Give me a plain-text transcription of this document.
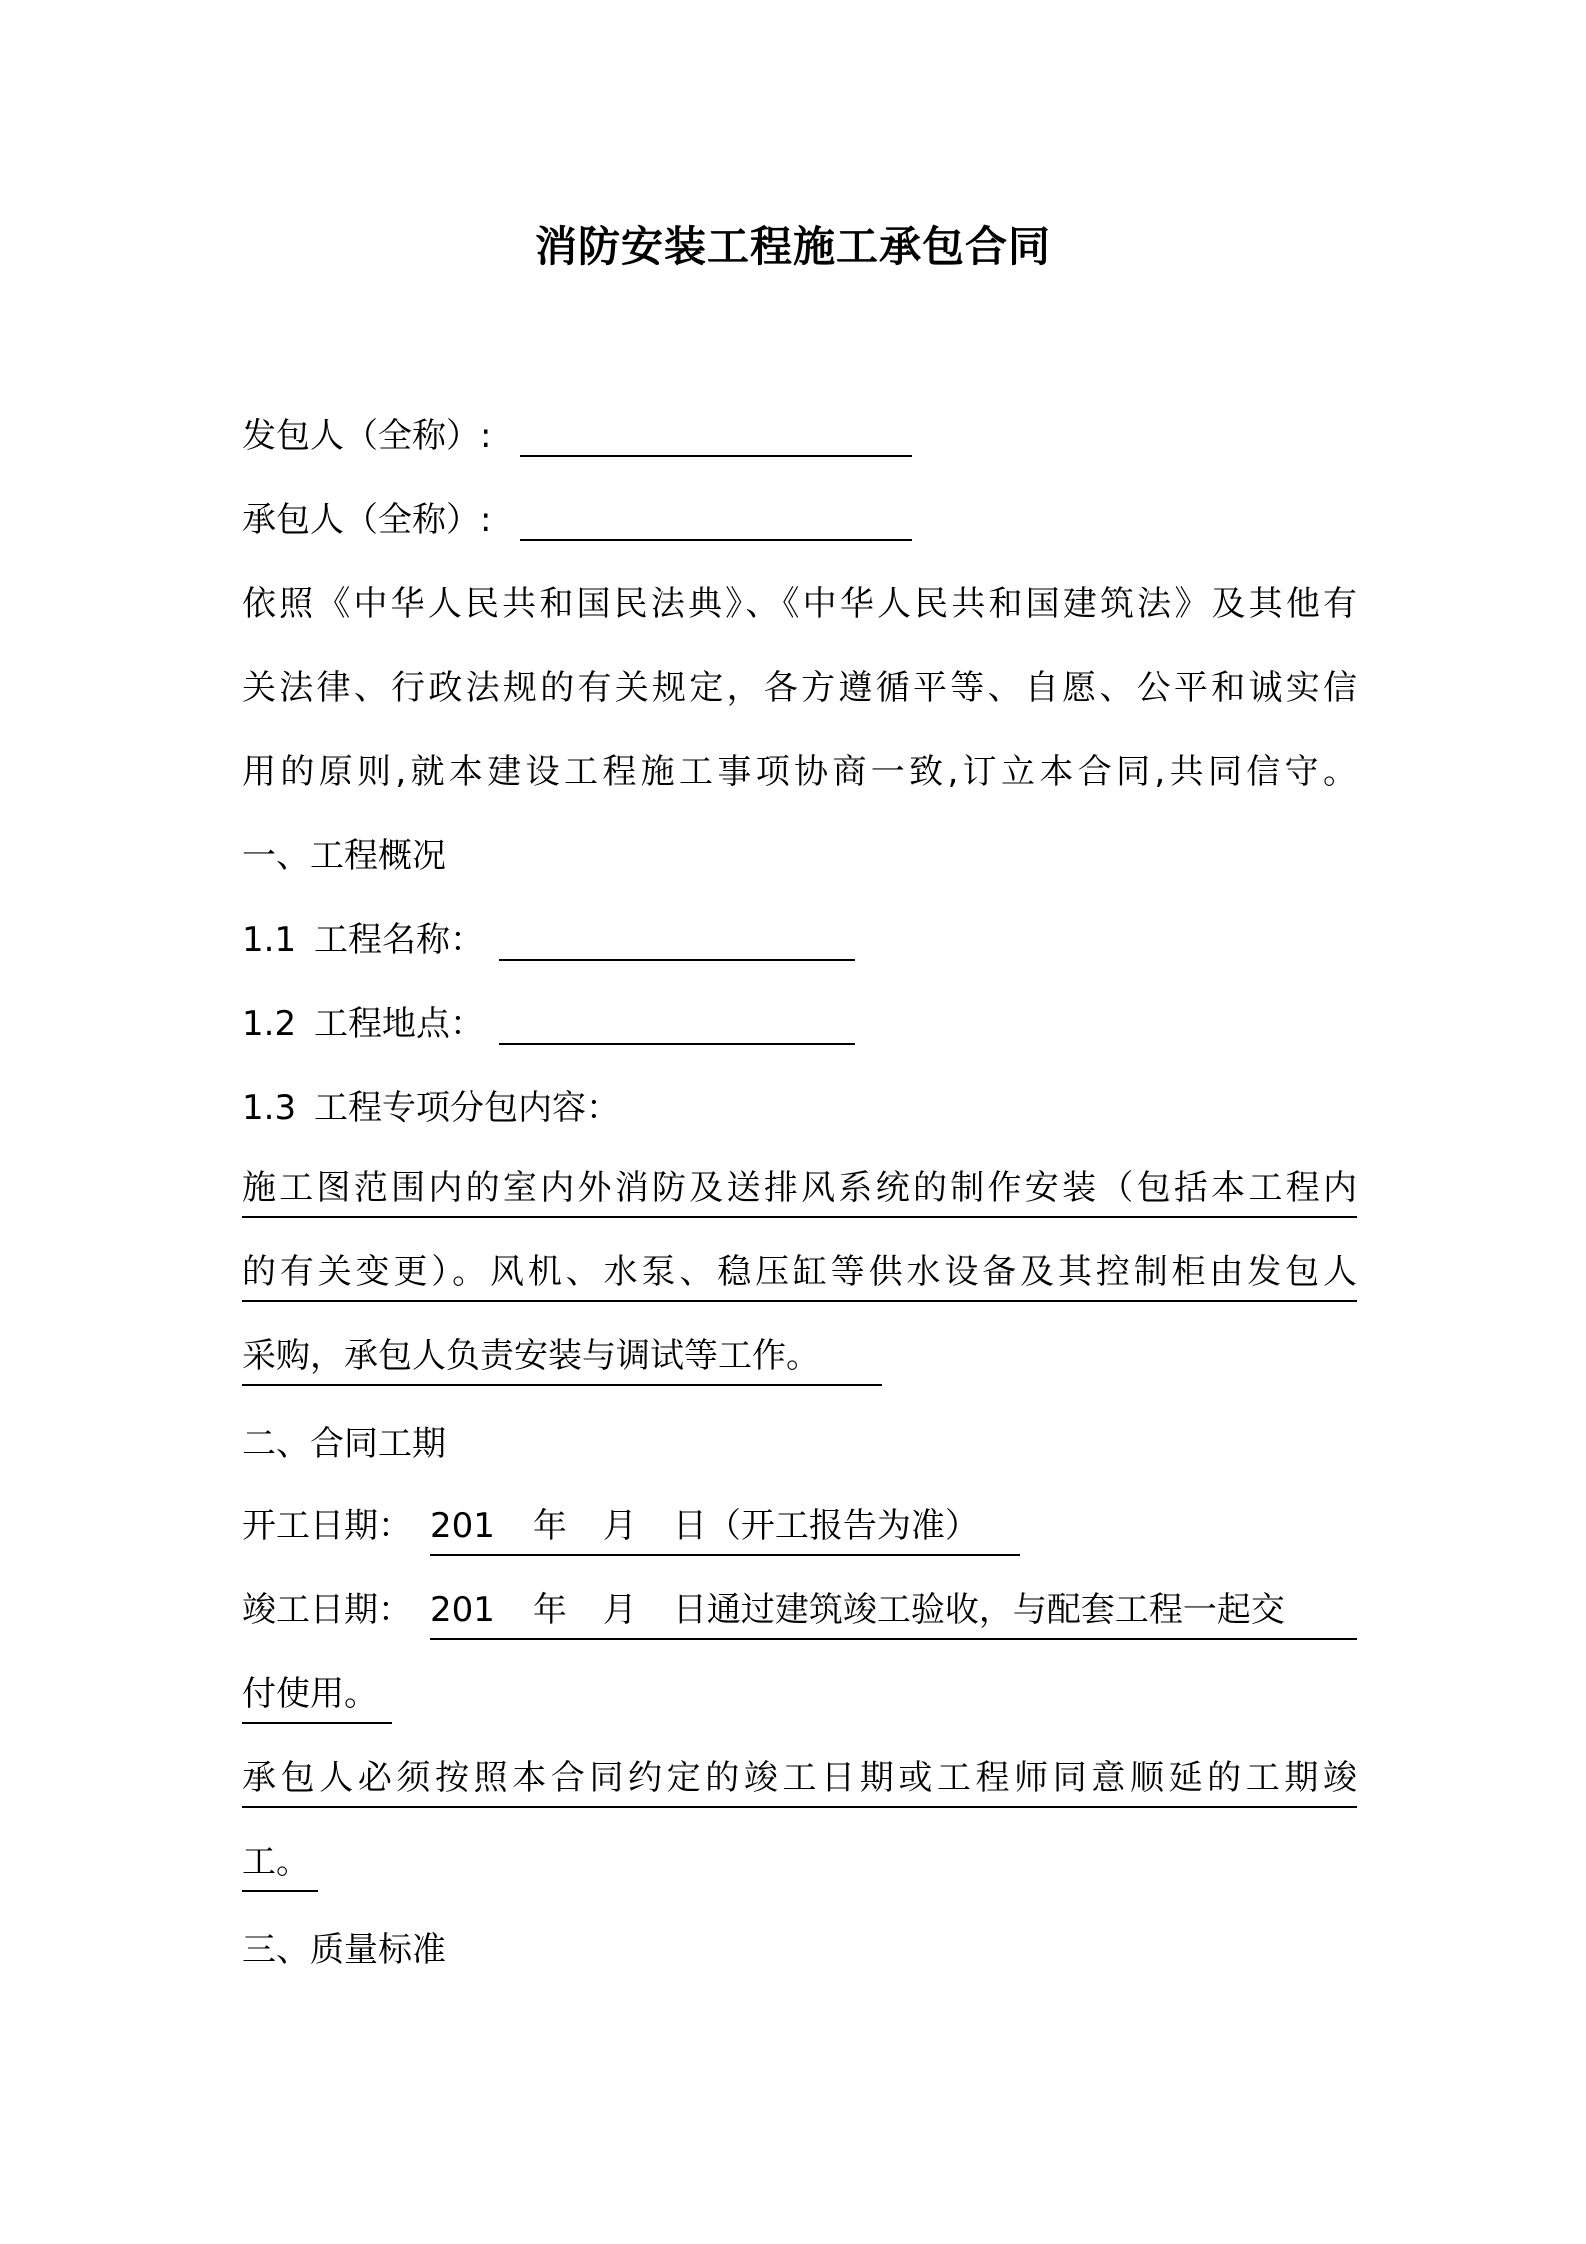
消防安装工程施工承包合同
发包人（全称）:
承包人（全称）:
依照《中华人民共和国民法典》、《中华人民共和国建筑法》及其他有
关法律、行政法规的有关规定，各方遵循平等、自愿、公平和诚实信
用的原则,就本建设工程施工事项协商一致,订立本合同,共同信守。
一、工程概况
1.1 工程名称：
1.2 工程地点：
1.3 工程专项分包内容：
施工图范围内的室内外消防及送排风系统的制作安装（包括本工程内
的有关变更）。风机、水泵、稳压缸等供水设备及其控制柜由发包人
采购，承包人负责安装与调试等工作。
二、合同工期
开工日期： 201 年 月 日（开工报告为准）
竣工日期： 201 年 月 日通过建筑竣工验收，与配套工程一起交
付使用。
承包人必须按照本合同约定的竣工日期或工程师同意顺延的工期竣
工。
三、质量标准
